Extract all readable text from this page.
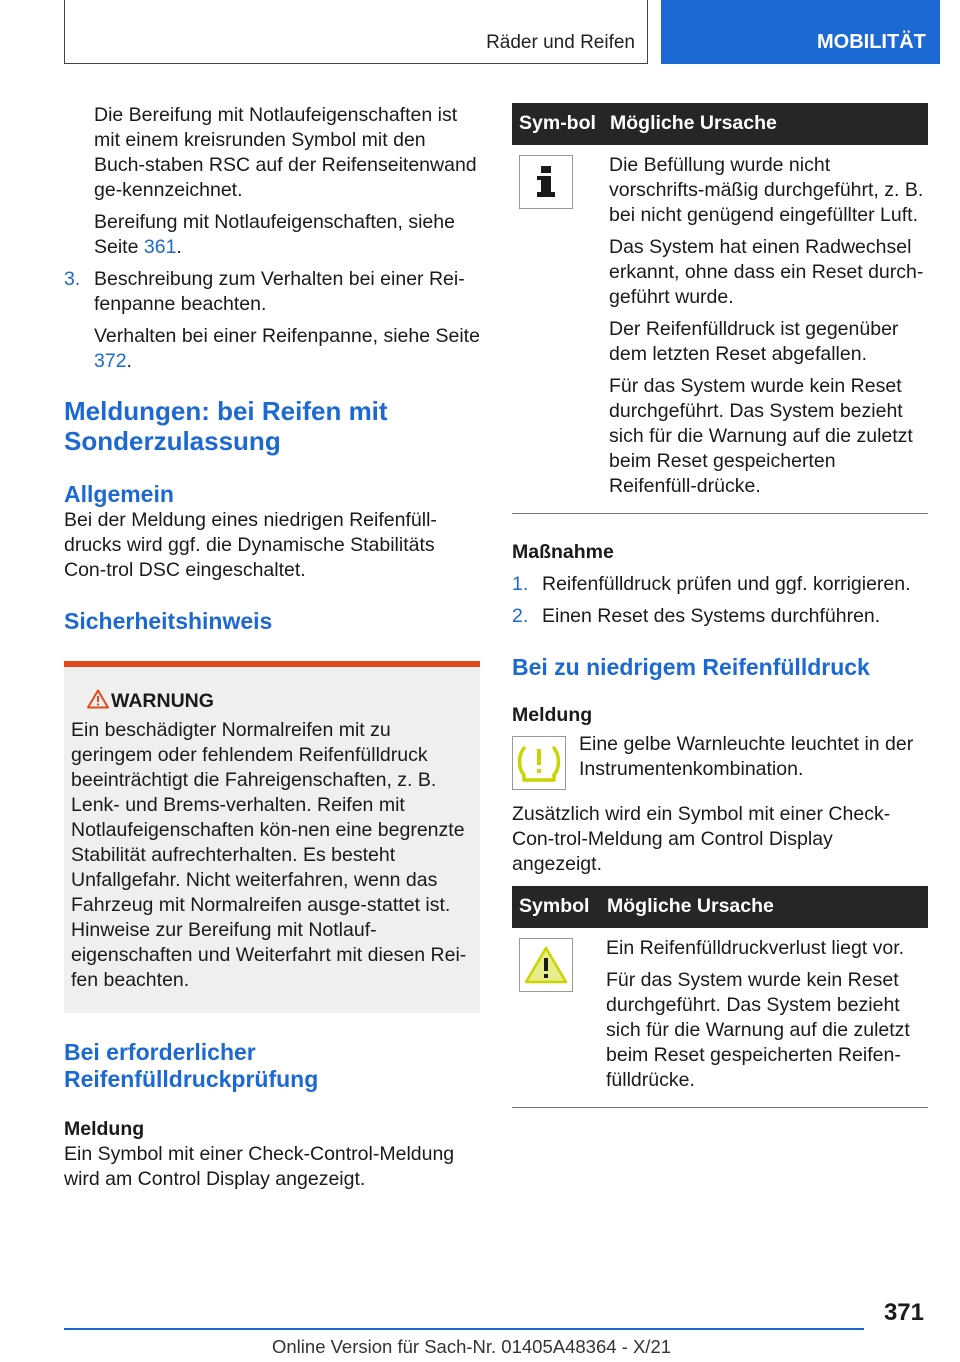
Räder und Reifen	MOBILITÄT

Die Bereifung mit Notlaufeigenschaften ist mit einem kreisrunden Symbol mit den Buch‐staben RSC auf der Reifenseitenwand ge‐kennzeichnet.

Bereifung mit Notlaufeigenschaften, siehe Seite 361.

3. Beschreibung zum Verhalten bei einer Rei‐fenpanne beachten.

Verhalten bei einer Reifenpanne, siehe Seite 372.

Meldungen: bei Reifen mit Sonderzulassung
Allgemein

Bei der Meldung eines niedrigen Reifenfüll‐drucks wird ggf. die Dynamische Stabilitäts Con‐trol DSC eingeschaltet.

Sicherheitshinweis
WARNUNG

Ein beschädigter Normalreifen mit zu geringem oder fehlendem Reifenfülldruck beeinträchtigt die Fahreigenschaften, z. B. Lenk- und Brems‐verhalten. Reifen mit Notlaufeigenschaften kön‐nen eine begrenzte Stabilität aufrechterhalten. Es besteht Unfallgefahr. Nicht weiterfahren, wenn das Fahrzeug mit Normalreifen ausge‐stattet ist. Hinweise zur Bereifung mit Notlauf‐eigenschaften und Weiterfahrt mit diesen Rei‐fen beachten.

Bei erforderlicher Reifenfülldruckprüfung
Meldung

Ein Symbol mit einer Check-Control-Meldung wird am Control Display angezeigt.

Sym‐bol	Mögliche Ursache

Die Befüllung wurde nicht vorschrifts‐mäßig durchgeführt, z. B. bei nicht genügend eingefüllter Luft.

Das System hat einen Radwechsel erkannt, ohne dass ein Reset durch‐geführt wurde.

Der Reifenfülldruck ist gegenüber dem letzten Reset abgefallen.

Für das System wurde kein Reset durchgeführt. Das System bezieht sich für die Warnung auf die zuletzt beim Reset gespeicherten Reifenfüll‐drücke.

Maßnahme
1. Reifenfülldruck prüfen und ggf. korrigieren.

2. Einen Reset des Systems durchführen.

Bei zu niedrigem Reifenfülldruck
Meldung

Eine gelbe Warnleuchte leuchtet in der Instrumentenkombination.

Zusätzlich wird ein Symbol mit einer Check-Con‐trol-Meldung am Control Display angezeigt.

Symbol	Mögliche Ursache

Ein Reifenfülldruckverlust liegt vor.

Für das System wurde kein Reset durchgeführt. Das System bezieht sich für die Warnung auf die zuletzt beim Reset gespeicherten Reifen‐fülldrücke.

371
Online Version für Sach-Nr. 01405A48364 - X/21
